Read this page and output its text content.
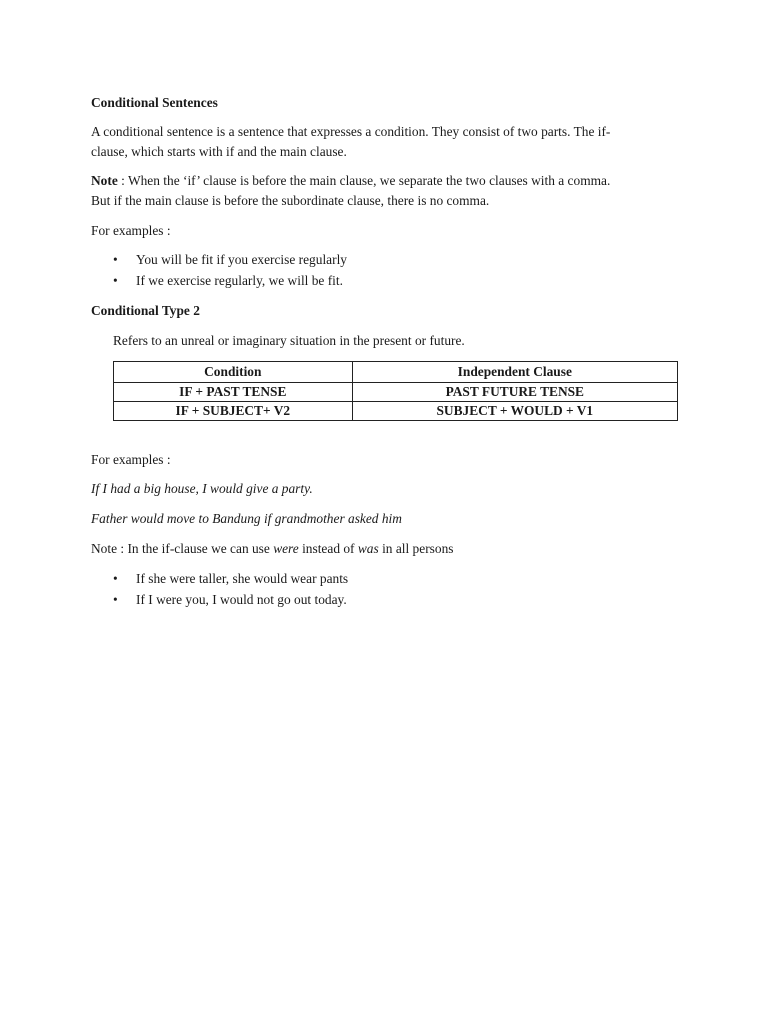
Conditional Sentences
A conditional sentence is a sentence that expresses a condition. They consist of two parts. The if-
clause, which starts with if and the main clause.
Note : When the ‘if’ clause is before the main clause, we separate the two clauses with a comma.
But if the main clause is before the subordinate clause, there is no comma.
For examples :
• You will be fit if you exercise regularly
• If we exercise regularly, we will be fit.
Conditional Type 2
Refers to an unreal or imaginary situation in the present or future.
Condition	Independent Clause
IF + PAST TENSE	PAST FUTURE TENSE
IF + SUBJECT+ V2	SUBJECT + WOULD + V1
For examples :
If I had a big house, I would give a party.
Father would move to Bandung if grandmother asked him
Note : In the if-clause we can use were instead of was in all persons
• If she were taller, she would wear pants
• If I were you, I would not go out today.
